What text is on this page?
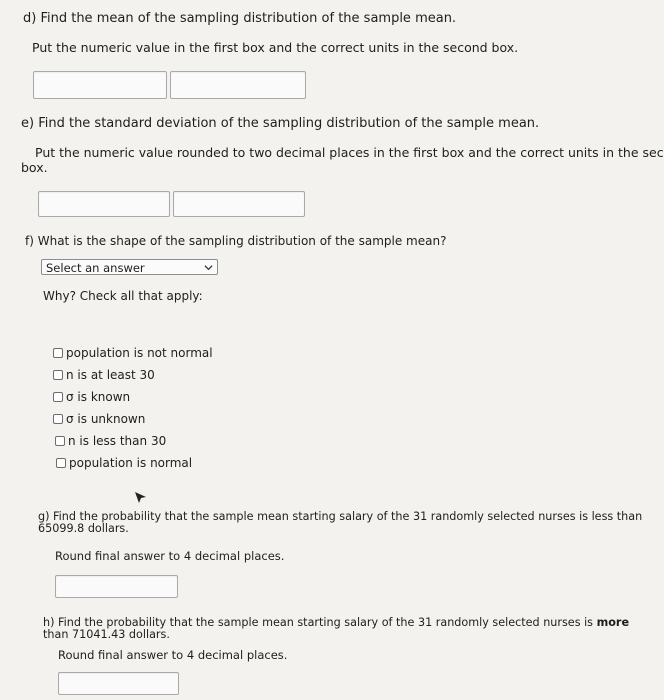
d) Find the mean of the sampling distribution of the sample mean.
Put the numeric value in the first box and the correct units in the second box.
e) Find the standard deviation of the sampling distribution of the sample mean.
Put the numeric value rounded to two decimal places in the first box and the correct units in the sec
box.
f) What is the shape of the sampling distribution of the sample mean?
Select an answer
Why? Check all that apply:
population is not normal
n is at least 30
σ is known
σ is unknown
n is less than 30
population is normal
g) Find the probability that the sample mean starting salary of the 31 randomly selected nurses is less than
65099.8 dollars.
Round final answer to 4 decimal places.
h) Find the probability that the sample mean starting salary of the 31 randomly selected nurses is more
than 71041.43 dollars.
Round final answer to 4 decimal places.
